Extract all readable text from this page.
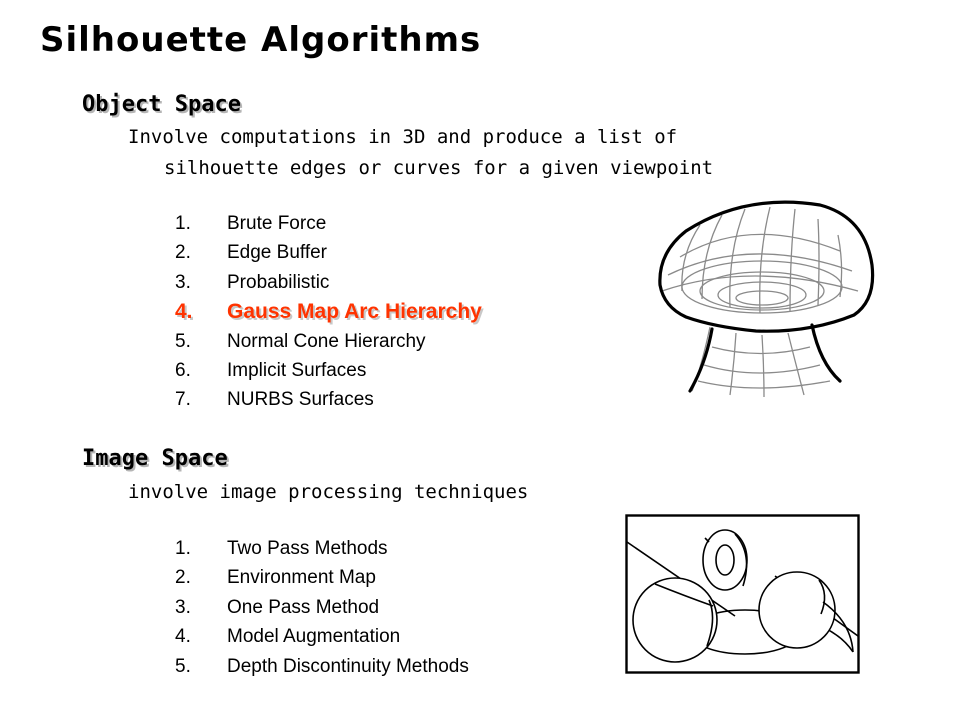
Silhouette Algorithms
Object Space
Involve computations in 3D and produce a list of
silhouette edges or curves for a given viewpoint
1. Brute Force
2. Edge Buffer
3. Probabilistic
4. Gauss Map Arc Hierarchy
5. Normal Cone Hierarchy
6. Implicit Surfaces
7. NURBS Surfaces
Image Space
involve image processing techniques
1. Two Pass Methods
2. Environment Map
3. One Pass Method
4. Model Augmentation
5. Depth Discontinuity Methods
